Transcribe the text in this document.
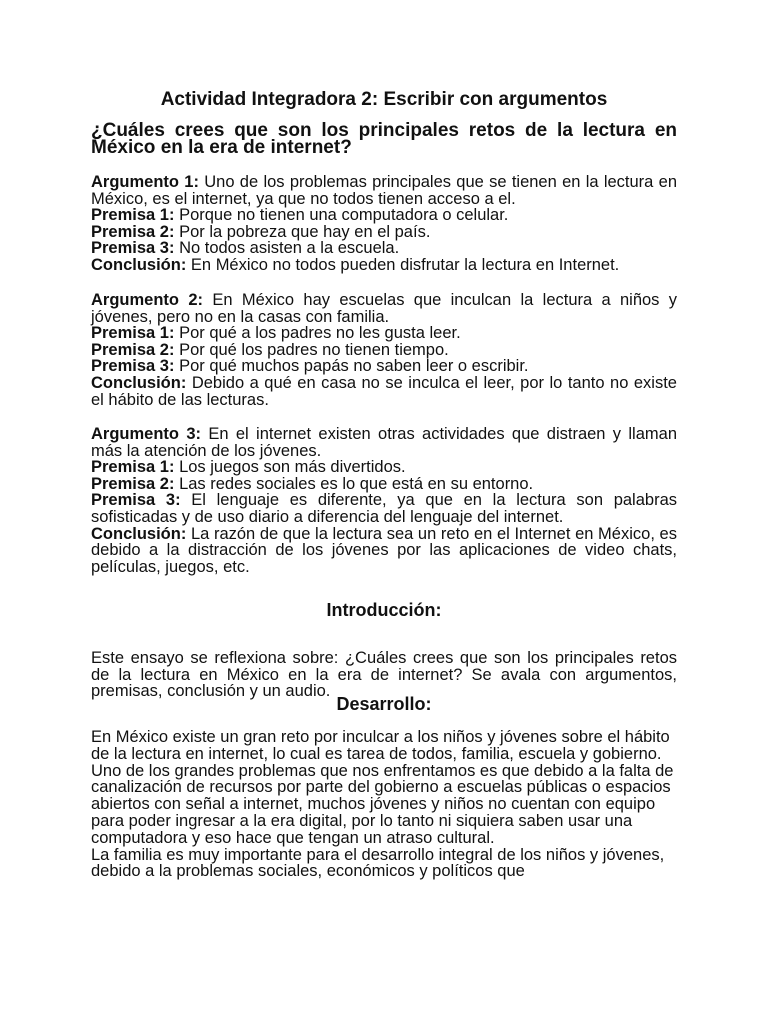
Actividad Integradora 2: Escribir con argumentos
¿Cuáles crees que son los principales retos de la lectura en México en la era de internet?

Argumento 1: Uno de los problemas principales que se tienen en la lectura en México, es el internet, ya que no todos tienen acceso a el.

Premisa 1: Porque no tienen una computadora o celular.

Premisa 2: Por la pobreza que hay en el país.

Premisa 3: No todos asisten a la escuela.

Conclusión: En México no todos pueden disfrutar la lectura en Internet.

Argumento 2: En México hay escuelas que inculcan la lectura a niños y jóvenes, pero no en la casas con familia.

Premisa 1: Por qué a los padres no les gusta leer.

Premisa 2: Por qué los padres no tienen tiempo.

Premisa 3: Por qué muchos papás no saben leer o escribir.

Conclusión: Debido a qué en casa no se inculca el leer, por lo tanto no existe el hábito de las lecturas.

Argumento 3: En el internet existen otras actividades que distraen y llaman más la atención de los jóvenes.

Premisa 1: Los juegos son más divertidos.

Premisa 2: Las redes sociales es lo que está en su entorno.

Premisa 3: El lenguaje es diferente, ya que en la lectura son palabras sofisticadas y de uso diario a diferencia del lenguaje del internet.

Conclusión: La razón de que la lectura sea un reto en el Internet en México, es debido a la distracción de los jóvenes por las aplicaciones de video chats, películas, juegos, etc.

Introducción:
Este ensayo se reflexiona sobre: ¿Cuáles crees que son los principales retos de la lectura en México en la era de internet? Se avala con argumentos, premisas, conclusión y un audio.
Desarrollo:

En México existe un gran reto por inculcar a los niños y jóvenes sobre el hábito de la lectura en internet, lo cual es tarea de todos, familia, escuela y gobierno.

Uno de los grandes problemas que nos enfrentamos es que debido a la falta de canalización de recursos por parte del gobierno a escuelas públicas o espacios abiertos con señal a internet, muchos jóvenes y niños no cuentan con equipo para poder ingresar a la era digital, por lo tanto ni siquiera saben usar una computadora y eso hace que tengan un atraso cultural.

La familia es muy importante para el desarrollo integral de los niños y jóvenes, debido a la problemas sociales, económicos y políticos que
